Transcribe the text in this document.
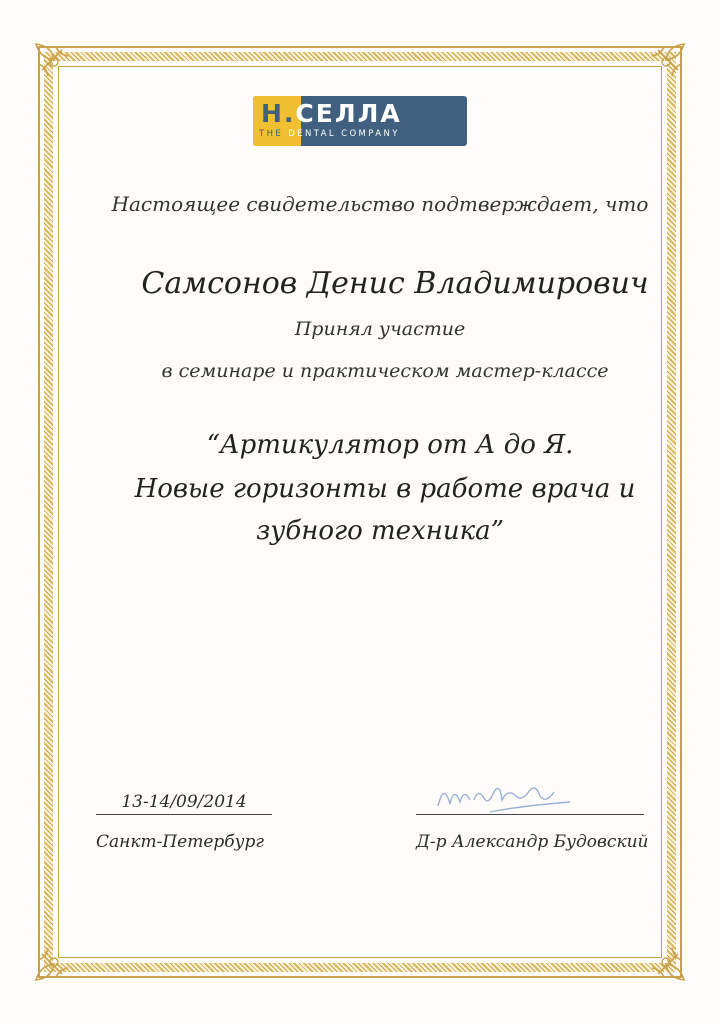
Н.СЕЛЛА
THE DENTAL COMPANY
Настоящее свидетельство подтверждает, что
Самсонов Денис Владимирович
Принял участие
в семинаре и практическом мастер-классе
“Артикулятор от А до Я.
Новые горизонты в работе врача и
зубного техника”
13-14/09/2014
Санкт-Петербург	Д-р Александр Будовский
